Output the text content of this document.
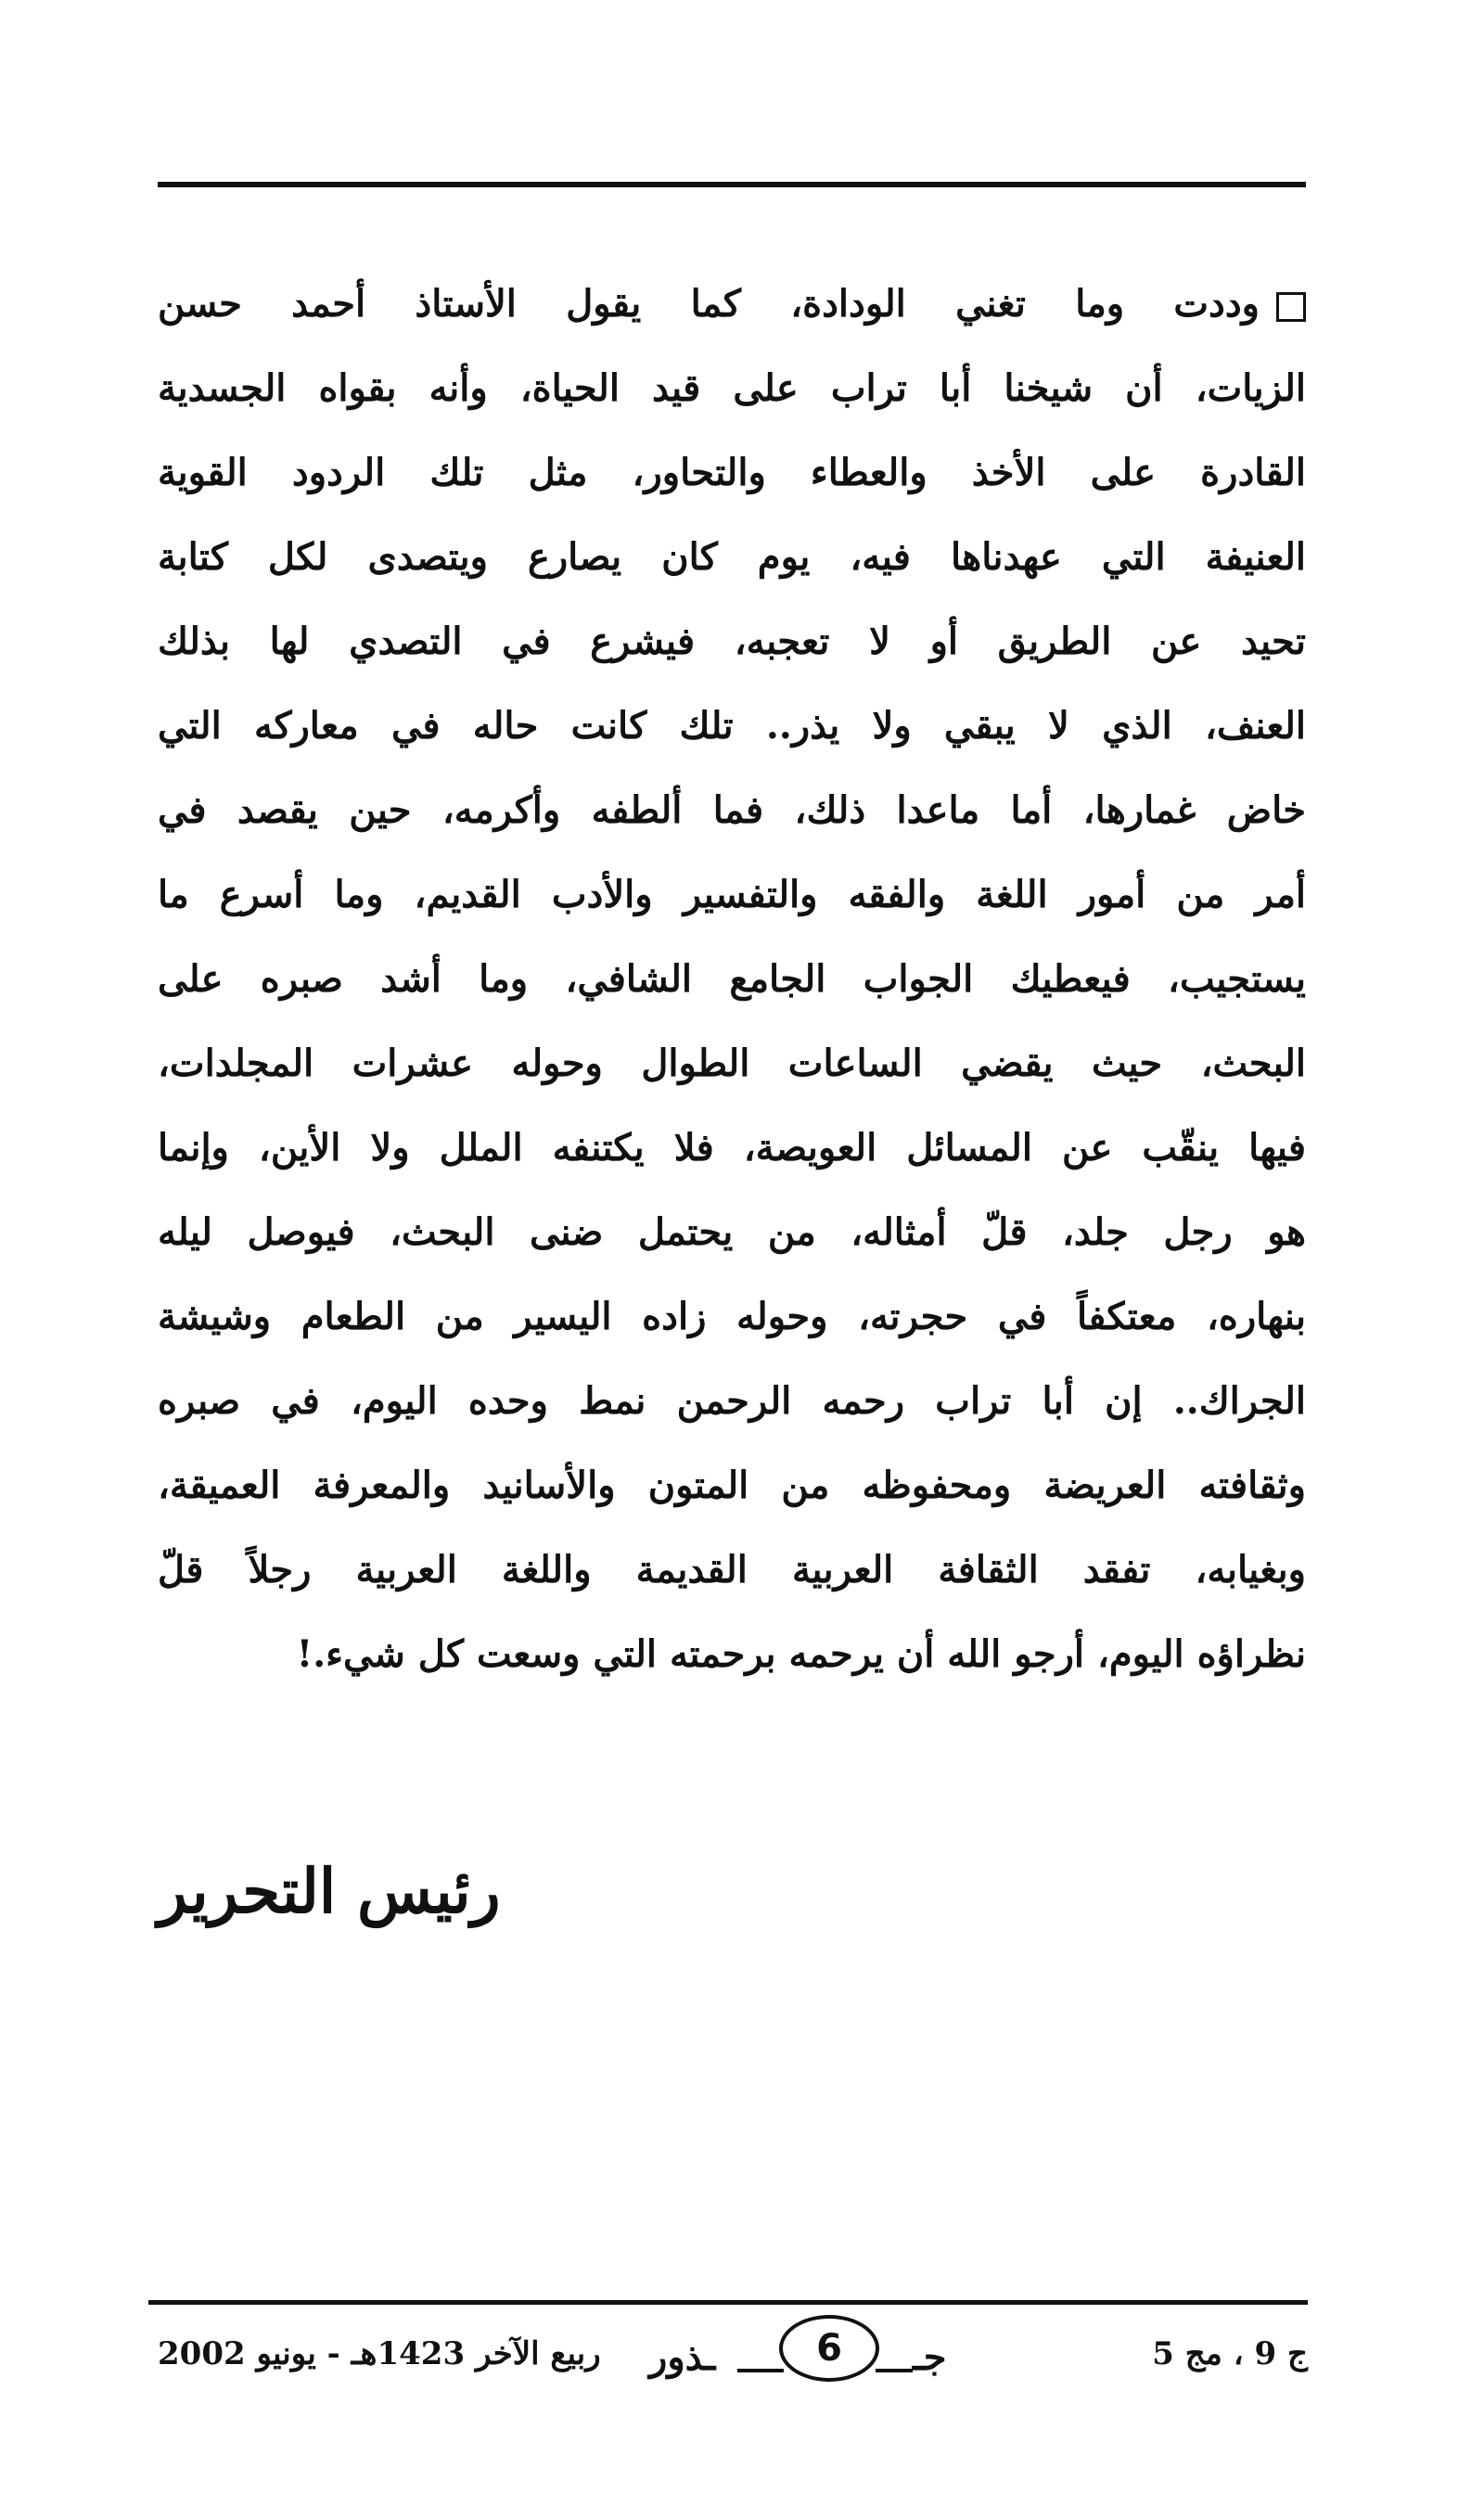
وددت وما تغني الودادة، كما يقول الأستاذ أحمد حسن
الزيات، أن شيخنا أبا تراب على قيد الحياة، وأنه بقواه الجسدية
القادرة على الأخذ والعطاء والتحاور، مثل تلك الردود القوية
العنيفة التي عهدناها فيه، يوم كان يصارع ويتصدى لكل كتابة
تحيد عن الطريق أو لا تعجبه، فيشرع في التصدي لها بذلك
العنف، الذي لا يبقي ولا يذر.. تلك كانت حاله في معاركه التي
خاض غمارها، أما ماعدا ذلك، فما ألطفه وأكرمه، حين يقصد في
أمر من أمور اللغة والفقه والتفسير والأدب القديم، وما أسرع ما
يستجيب، فيعطيك الجواب الجامع الشافي، وما أشد صبره على
البحث، حيث يقضي الساعات الطوال وحوله عشرات المجلدات،
فيها ينقّب عن المسائل العويصة، فلا يكتنفه الملل ولا الأين، وإنما
هو رجل جلد، قلّ أمثاله، من يحتمل ضنى البحث، فيوصل ليله
بنهاره، معتكفاً في حجرته، وحوله زاده اليسير من الطعام وشيشة
الجراك.. إن أبا تراب رحمه الرحمن نمط وحده اليوم، في صبره
وثقافته العريضة ومحفوظه من المتون والأسانيد والمعرفة العميقة،
وبغيابه، تفقد الثقافة العربية القديمة واللغة العربية رجلاً قلّ
نظراؤه اليوم، أرجو الله أن يرحمه برحمته التي وسعت كل شيء.!
رئيس التحرير
ربيع الآخر 1423هـ - يونيو 2002 ـذور	6	جـ	ج 9 ، مج 5
